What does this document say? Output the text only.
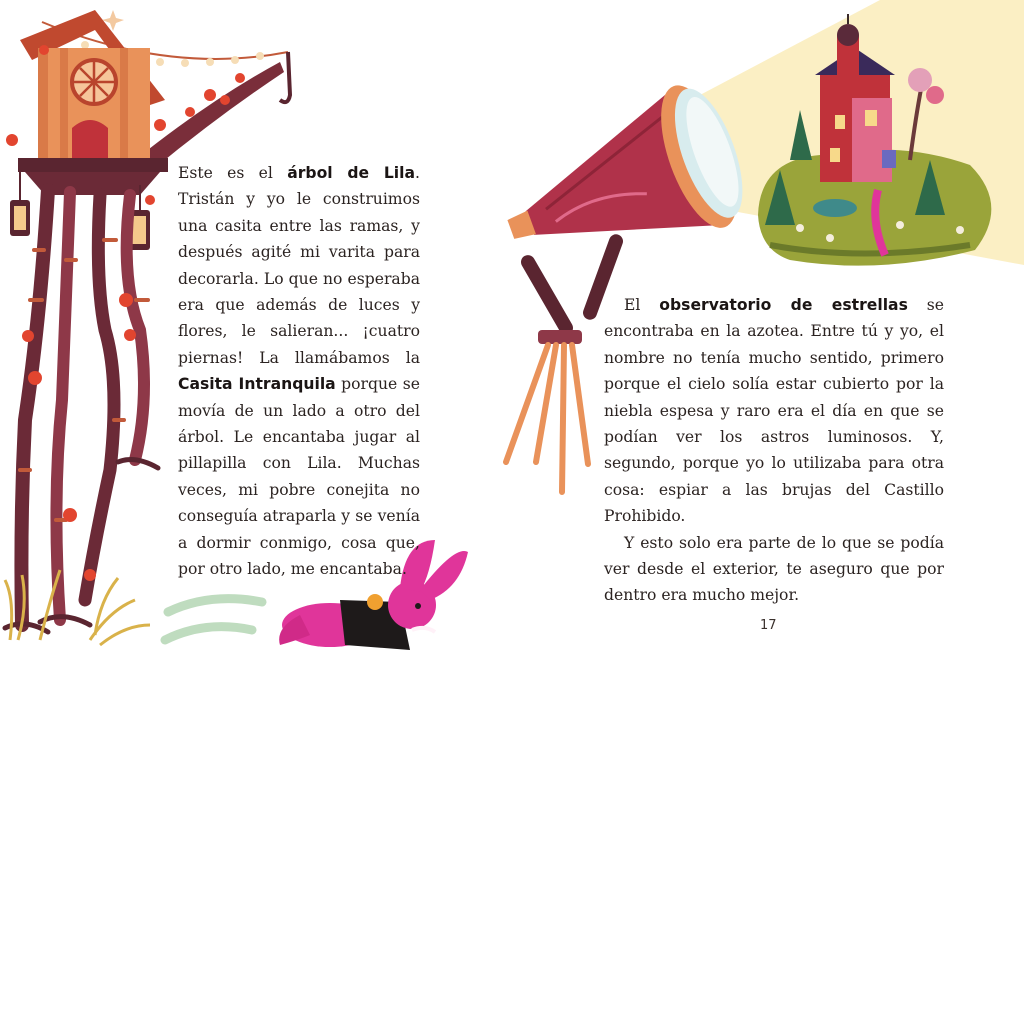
Este es el árbol de Lila. Tristán y yo le construimos una casita entre las ramas, y después agité mi varita para decorarla. Lo que no esperaba era que además de luces y flores, le salieran... ¡cuatro piernas! La llamábamos la Casita Intranquila porque se movía de un lado a otro del árbol. Le encantaba jugar al pillapilla con Lila. Muchas veces, mi pobre conejita no conseguía atraparla y se venía a dormir conmigo, cosa que, por otro lado, me encantaba.

El observatorio de estrellas se encontraba en la azotea. Entre tú y yo, el nombre no tenía mucho sentido, primero porque el cielo solía estar cubierto por la niebla espesa y raro era el día en que se podían ver los astros luminosos. Y, segundo, porque yo lo utilizaba para otra cosa: espiar a las brujas del Castillo Prohibido.

Y esto solo era parte de lo que se podía ver desde el exterior, te aseguro que por dentro era mucho mejor.

17
